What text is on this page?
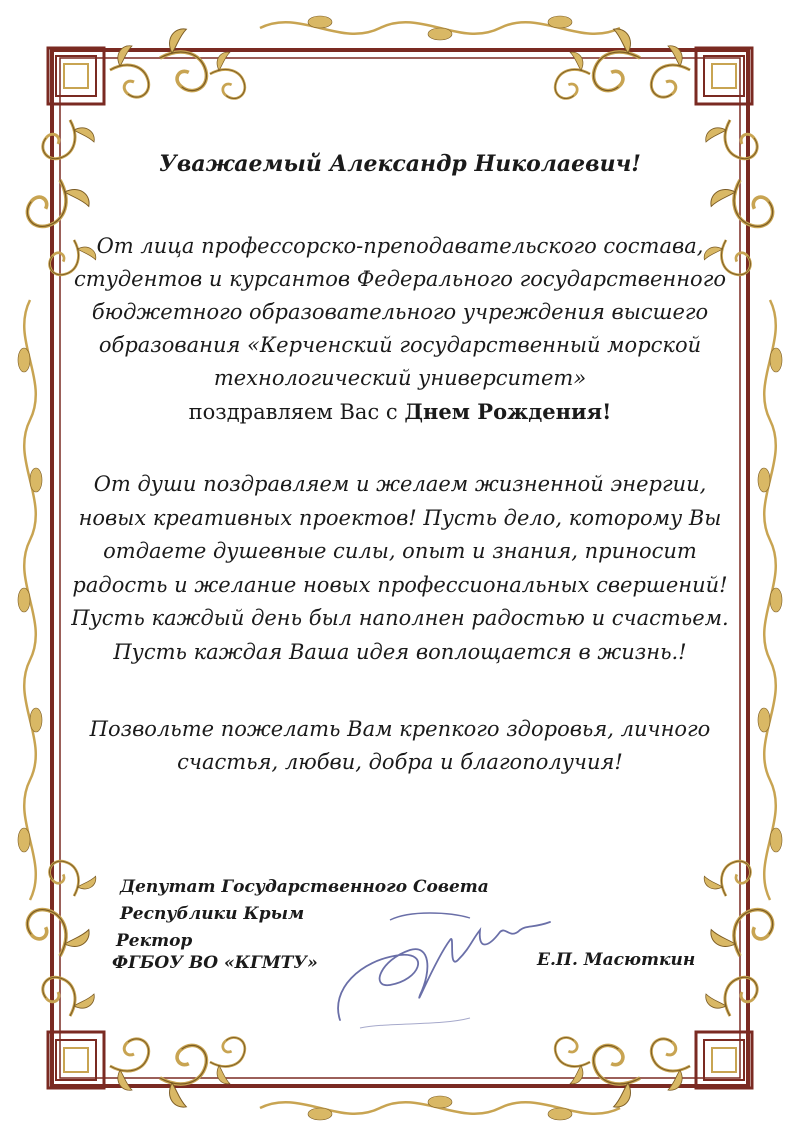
Уважаемый Александр Николаевич!
От лица профессорско-преподавательского состава,
студентов и курсантов Федерального государственного
бюджетного образовательного учреждения высшего
образования «Керченский государственный морской
технологический университет»
поздравляем Вас с Днем Рождения!
От души поздравляем и желаем жизненной энергии,
новых креативных проектов! Пусть дело, которому Вы
отдаете душевные силы, опыт и знания, приносит
радость и желание новых профессиональных свершений!
Пусть каждый день был наполнен радостью и счастьем.
Пусть каждая Ваша идея воплощается в жизнь.!
Позвольте пожелать Вам крепкого здоровья, личного
счастья, любви, добра и благополучия!
Депутат Государственного Совета
Республики Крым
Ректор
ФГБОУ ВО «КГМТУ»	Е.П. Масюткин
